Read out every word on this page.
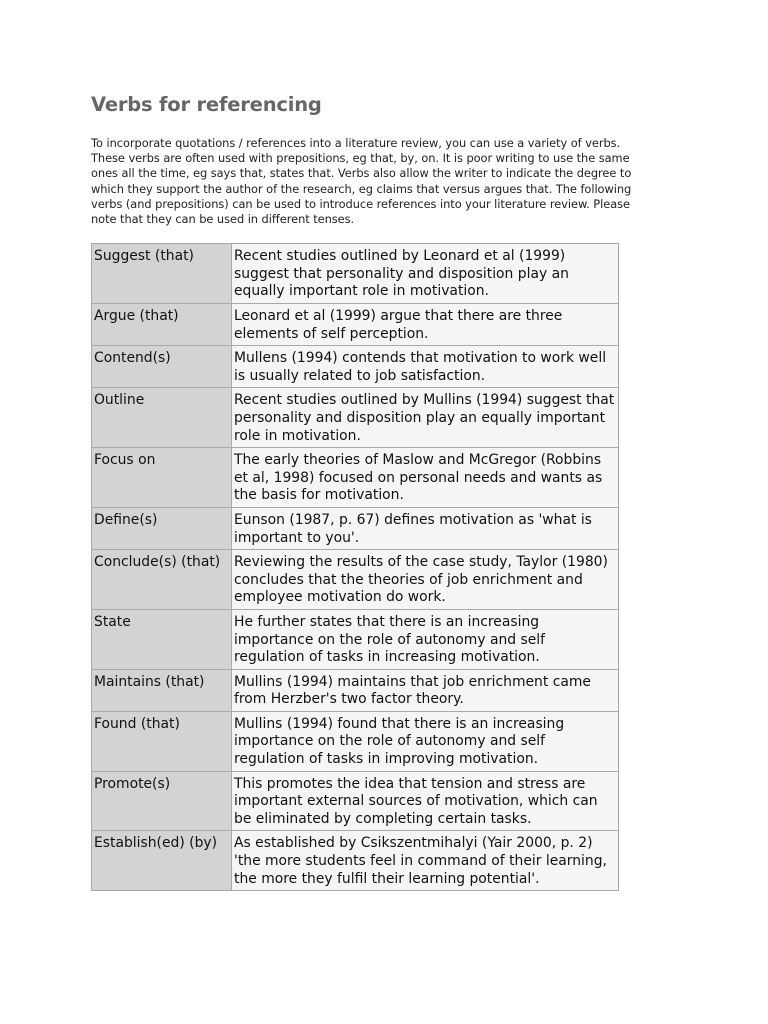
Verbs for referencing
To incorporate quotations / references into a literature review, you can use a variety of verbs.
These verbs are often used with prepositions, eg that, by, on. It is poor writing to use the same
ones all the time, eg says that, states that. Verbs also allow the writer to indicate the degree to
which they support the author of the research, eg claims that versus argues that. The following
verbs (and prepositions) can be used to introduce references into your literature review. Please
note that they can be used in different tenses.
Suggest (that)	Recent studies outlined by Leonard et al (1999)
suggest that personality and disposition play an
equally important role in motivation.

Argue (that)	Leonard et al (1999) argue that there are three
elements of self perception.

Contend(s)	Mullens (1994) contends that motivation to work well
is usually related to job satisfaction.

Outline	Recent studies outlined by Mullins (1994) suggest that
personality and disposition play an equally important
role in motivation.

Focus on	The early theories of Maslow and McGregor (Robbins
et al, 1998) focused on personal needs and wants as
the basis for motivation.

Define(s)	Eunson (1987, p. 67) defines motivation as 'what is
important to you'.

Conclude(s) (that)	Reviewing the results of the case study, Taylor (1980)
concludes that the theories of job enrichment and
employee motivation do work.

State	He further states that there is an increasing
importance on the role of autonomy and self
regulation of tasks in increasing motivation.

Maintains (that)	Mullins (1994) maintains that job enrichment came
from Herzber's two factor theory.

Found (that)	Mullins (1994) found that there is an increasing
importance on the role of autonomy and self
regulation of tasks in improving motivation.

Promote(s)	This promotes the idea that tension and stress are
important external sources of motivation, which can
be eliminated by completing certain tasks.

Establish(ed) (by)	As established by Csikszentmihalyi (Yair 2000, p. 2)
'the more students feel in command of their learning,
the more they fulfil their learning potential'.
